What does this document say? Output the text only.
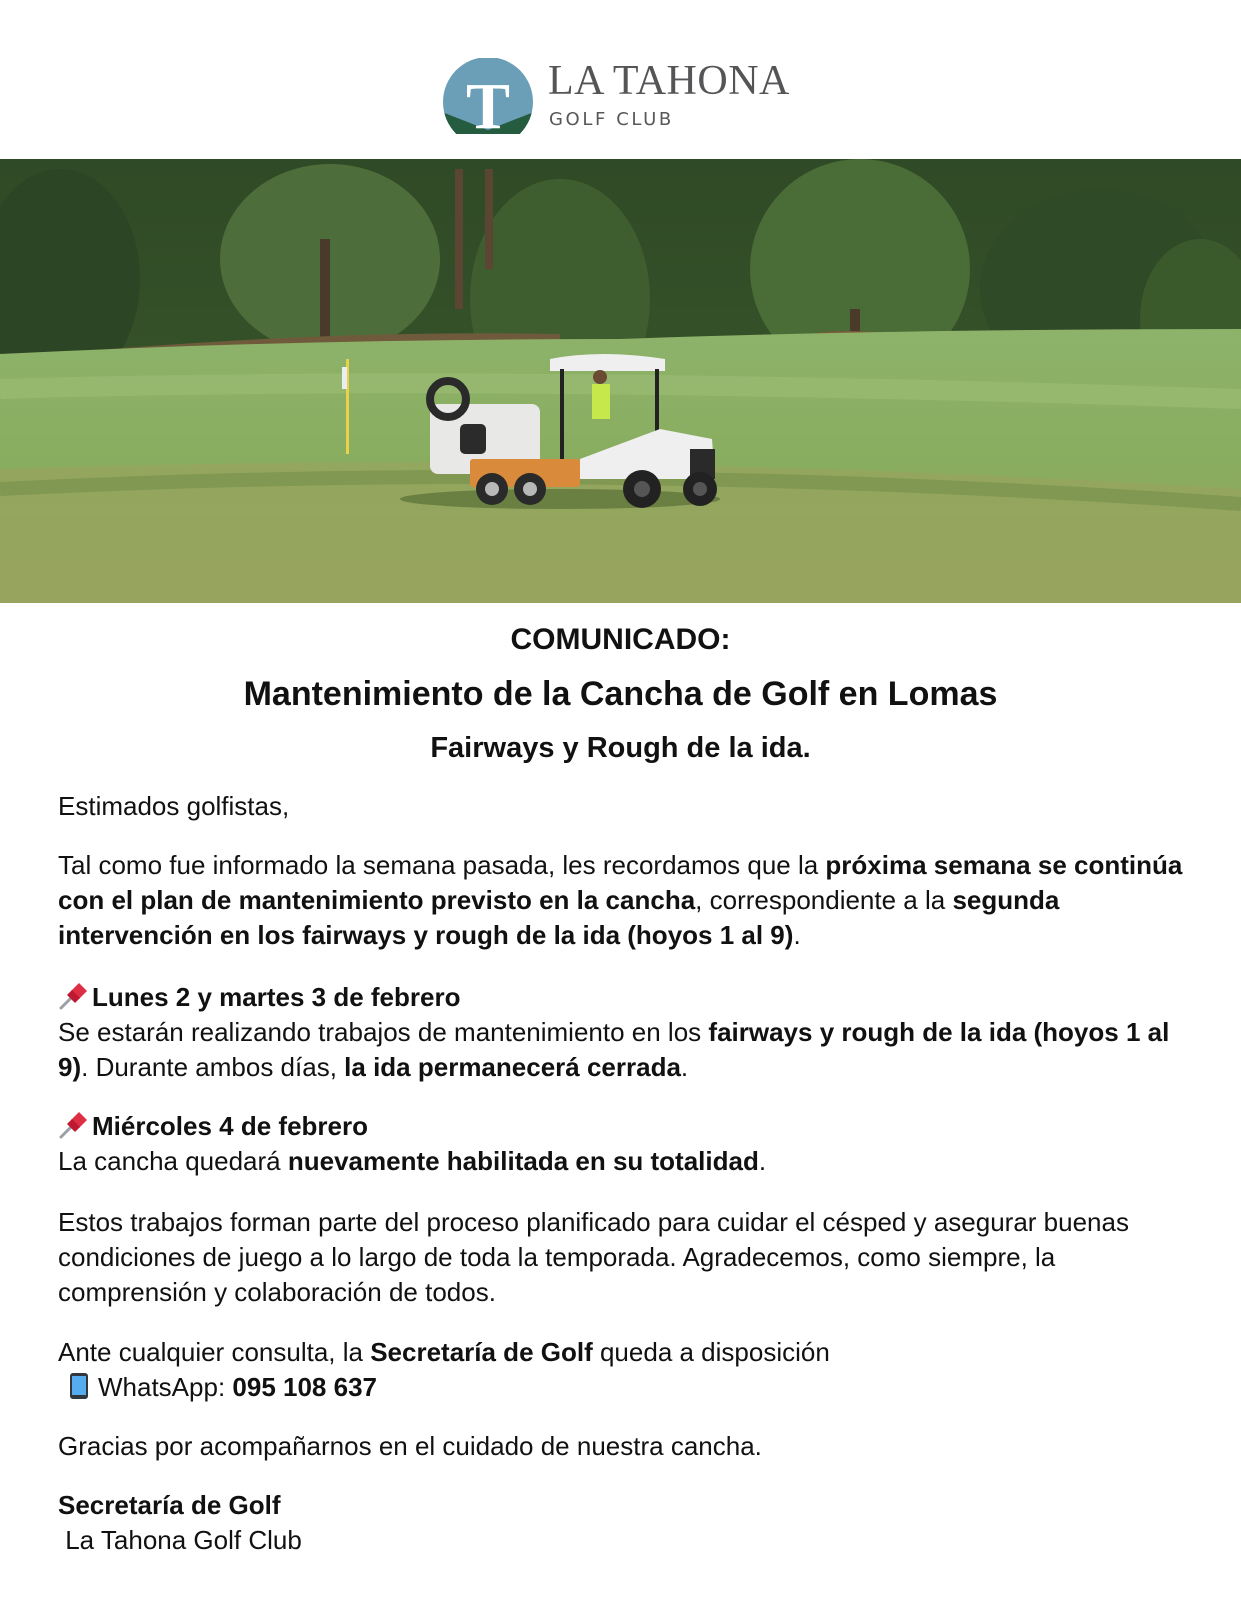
T LA TAHONA
GOLF CLUB
COMUNICADO:
Mantenimiento de la Cancha de Golf en Lomas
Fairways y Rough de la ida.

Estimados golfistas,

Tal como fue informado la semana pasada, les recordamos que la próxima semana se continúa con el plan de mantenimiento previsto en la cancha, correspondiente a la segunda intervención en los fairways y rough de la ida (hoyos 1 al 9).

Lunes 2 y martes 3 de febrero

Se estarán realizando trabajos de mantenimiento en los fairways y rough de la ida (hoyos 1 al 9). Durante ambos días, la ida permanecerá cerrada.

Miércoles 4 de febrero

La cancha quedará nuevamente habilitada en su totalidad.

Estos trabajos forman parte del proceso planificado para cuidar el césped y asegurar buenas condiciones de juego a lo largo de toda la temporada. Agradecemos, como siempre, la comprensión y colaboración de todos.

Ante cualquier consulta, la Secretaría de Golf queda a disposición

WhatsApp: 095 108 637

Gracias por acompañarnos en el cuidado de nuestra cancha.

Secretaría de Golf

La Tahona Golf Club
